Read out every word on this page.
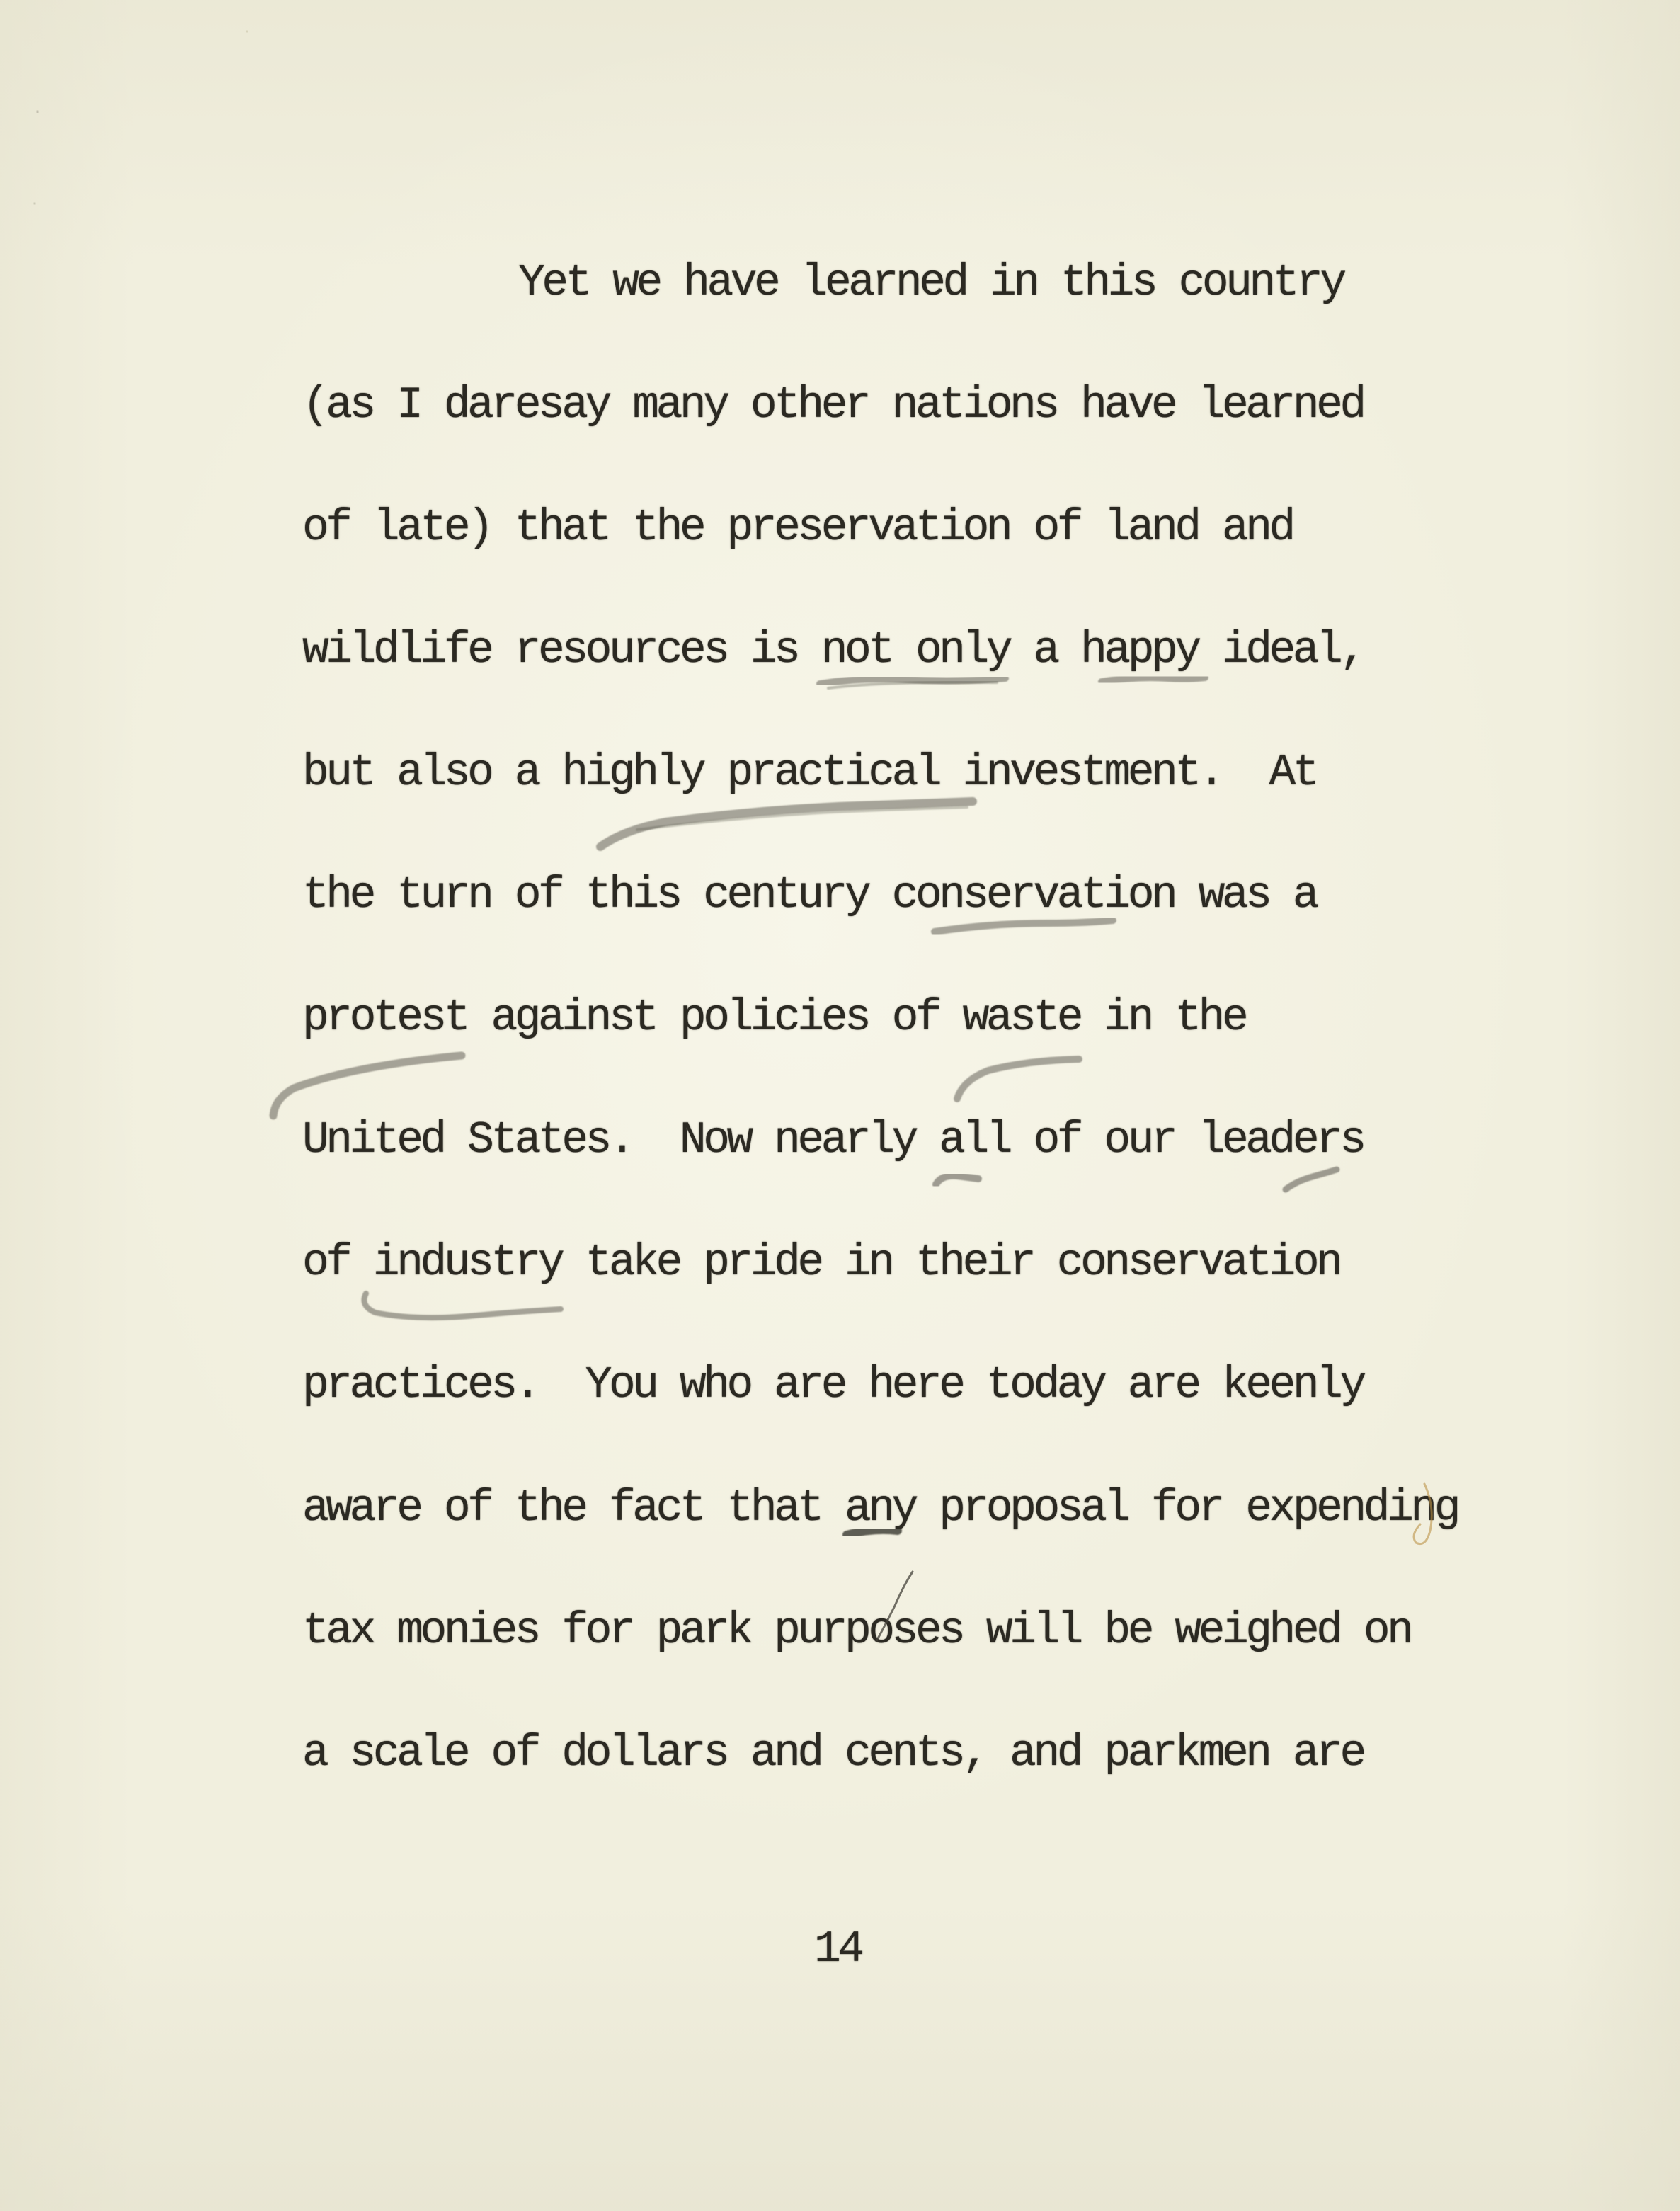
Yet we have learned in this country
(as I daresay many other nations have learned
of late) that the preservation of land and
wildlife resources is not only a happy ideal,
but also a highly practical investment.  At
the turn of this century conservation was a
protest against policies of waste in the
United States.  Now nearly all of our leaders
of industry take pride in their conservation
practices.  You who are here today are keenly
aware of the fact that any proposal for expending
tax monies for park purposes will be weighed on
a scale of dollars and cents, and parkmen are
14
